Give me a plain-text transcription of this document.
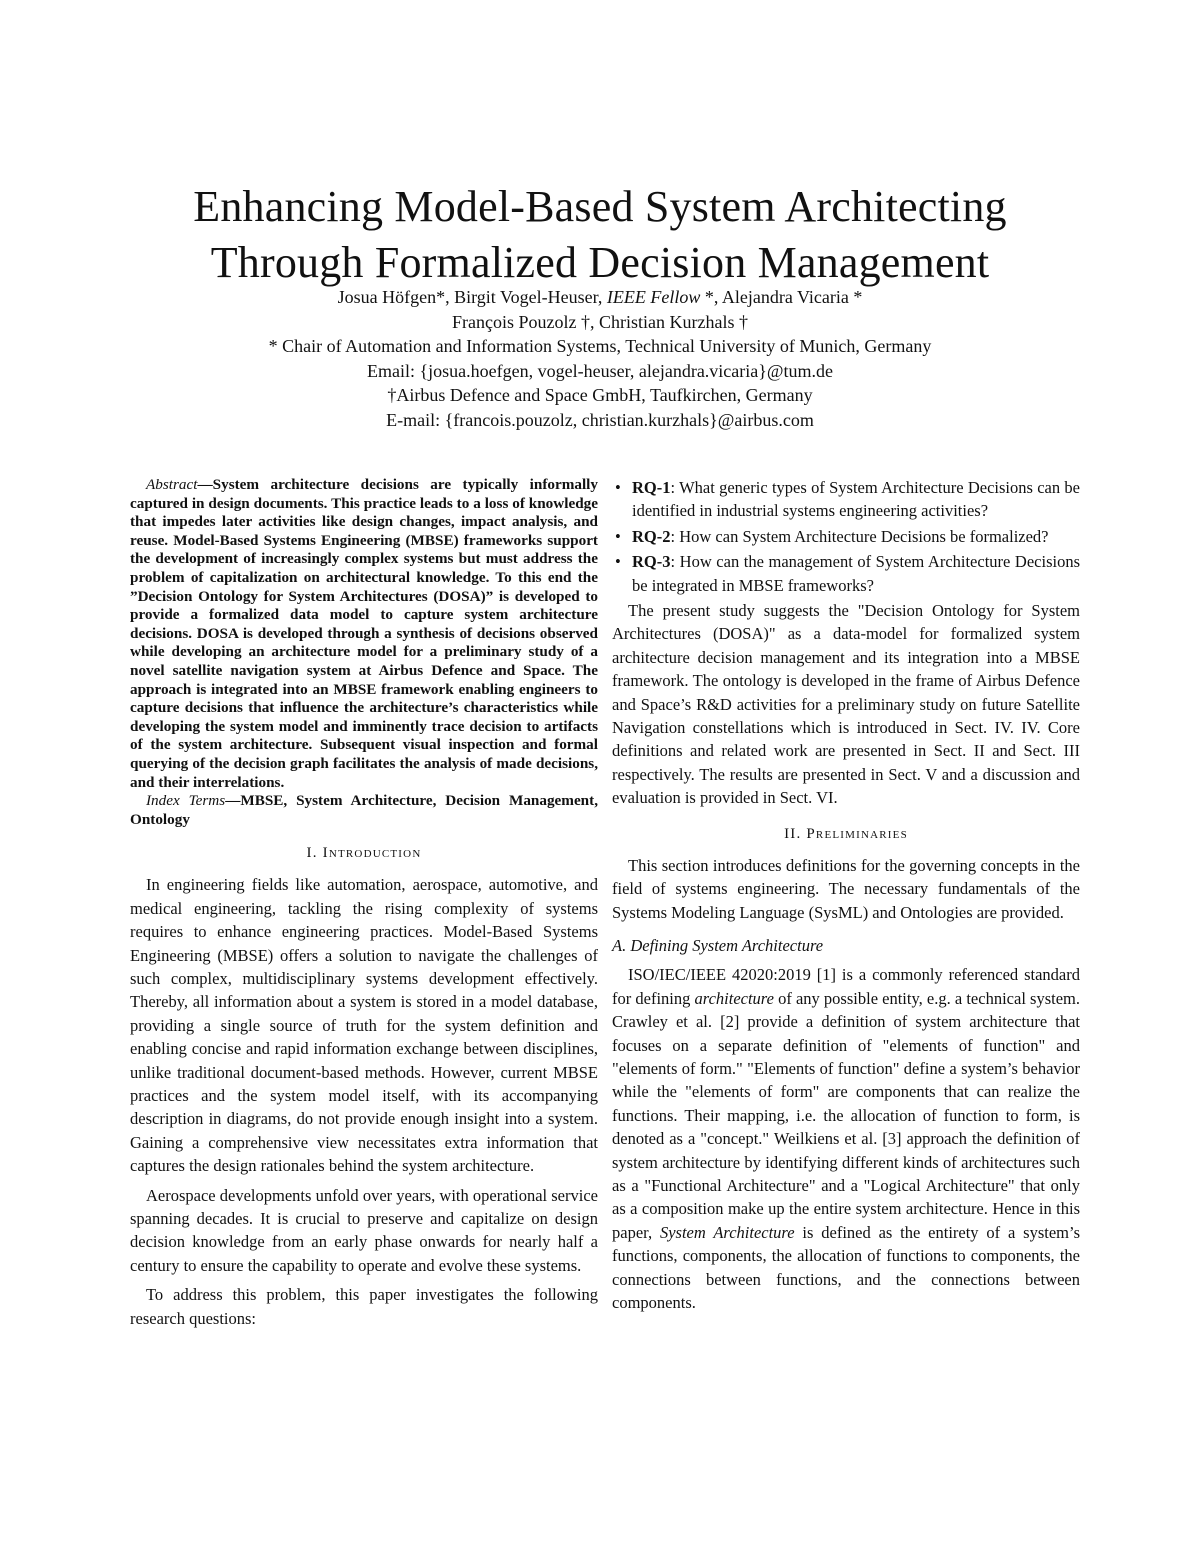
Enhancing Model-Based System Architecting
Through Formalized Decision Management
Josua Höfgen*, Birgit Vogel-Heuser, IEEE Fellow *, Alejandra Vicaria *
François Pouzolz †, Christian Kurzhals †
* Chair of Automation and Information Systems, Technical University of Munich, Germany
Email: {josua.hoefgen, vogel-heuser, alejandra.vicaria}@tum.de
†Airbus Defence and Space GmbH, Taufkirchen, Germany
E-mail: {francois.pouzolz, christian.kurzhals}@airbus.com

Abstract—System architecture decisions are typically informally captured in design documents. This practice leads to a loss of knowledge that impedes later activities like design changes, impact analysis, and reuse. Model-Based Systems Engineering (MBSE) frameworks support the development of increasingly complex systems but must address the problem of capitalization on architectural knowledge. To this end the ”Decision Ontology for System Architectures (DOSA)” is developed to provide a formalized data model to capture system architecture decisions. DOSA is developed through a synthesis of decisions observed while developing an architecture model for a preliminary study of a novel satellite navigation system at Airbus Defence and Space. The approach is integrated into an MBSE framework enabling engineers to capture decisions that influence the architecture’s characteristics while developing the system model and imminently trace decision to artifacts of the system architecture. Subsequent visual inspection and formal querying of the decision graph facilitates the analysis of made decisions, and their interrelations.

Index Terms—MBSE, System Architecture, Decision Management, Ontology

I. Introduction

In engineering fields like automation, aerospace, automotive, and medical engineering, tackling the rising complexity of systems requires to enhance engineering practices. Model-Based Systems Engineering (MBSE) offers a solution to navigate the challenges of such complex, multidisciplinary systems development effectively. Thereby, all information about a system is stored in a model database, providing a single source of truth for the system definition and enabling concise and rapid information exchange between disciplines, unlike traditional document-based methods. However, current MBSE practices and the system model itself, with its accompanying description in diagrams, do not provide enough insight into a system. Gaining a comprehensive view necessitates extra information that captures the design rationales behind the system architecture.

Aerospace developments unfold over years, with operational service spanning decades. It is crucial to preserve and capitalize on design decision knowledge from an early phase onwards for nearly half a century to ensure the capability to operate and evolve these systems.

To address this problem, this paper investigates the following research questions:

• RQ-1: What generic types of System Architecture Decisions can be identified in industrial systems engineering activities?
• RQ-2: How can System Architecture Decisions be formalized?
• RQ-3: How can the management of System Architecture Decisions be integrated in MBSE frameworks?

The present study suggests the "Decision Ontology for System Architectures (DOSA)" as a data-model for formalized system architecture decision management and its integration into a MBSE framework. The ontology is developed in the frame of Airbus Defence and Space’s R&D activities for a preliminary study on future Satellite Navigation constellations which is introduced in Sect. IV. IV. Core definitions and related work are presented in Sect. II and Sect. III respectively. The results are presented in Sect. V and a discussion and evaluation is provided in Sect. VI.

II. Preliminaries

This section introduces definitions for the governing concepts in the field of systems engineering. The necessary fundamentals of the Systems Modeling Language (SysML) and Ontologies are provided.

A. Defining System Architecture

ISO/IEC/IEEE 42020:2019 [1] is a commonly referenced standard for defining architecture of any possible entity, e.g. a technical system. Crawley et al. [2] provide a definition of system architecture that focuses on a separate definition of "elements of function" and "elements of form." "Elements of function" define a system’s behavior while the "elements of form" are components that can realize the functions. Their mapping, i.e. the allocation of function to form, is denoted as a "concept." Weilkiens et al. [3] approach the definition of system architecture by identifying different kinds of architectures such as a "Functional Architecture" and a "Logical Architecture" that only as a composition make up the entire system architecture. Hence in this paper, System Architecture is defined as the entirety of a system’s functions, components, the allocation of functions to components, the connections between functions, and the connections between components.
